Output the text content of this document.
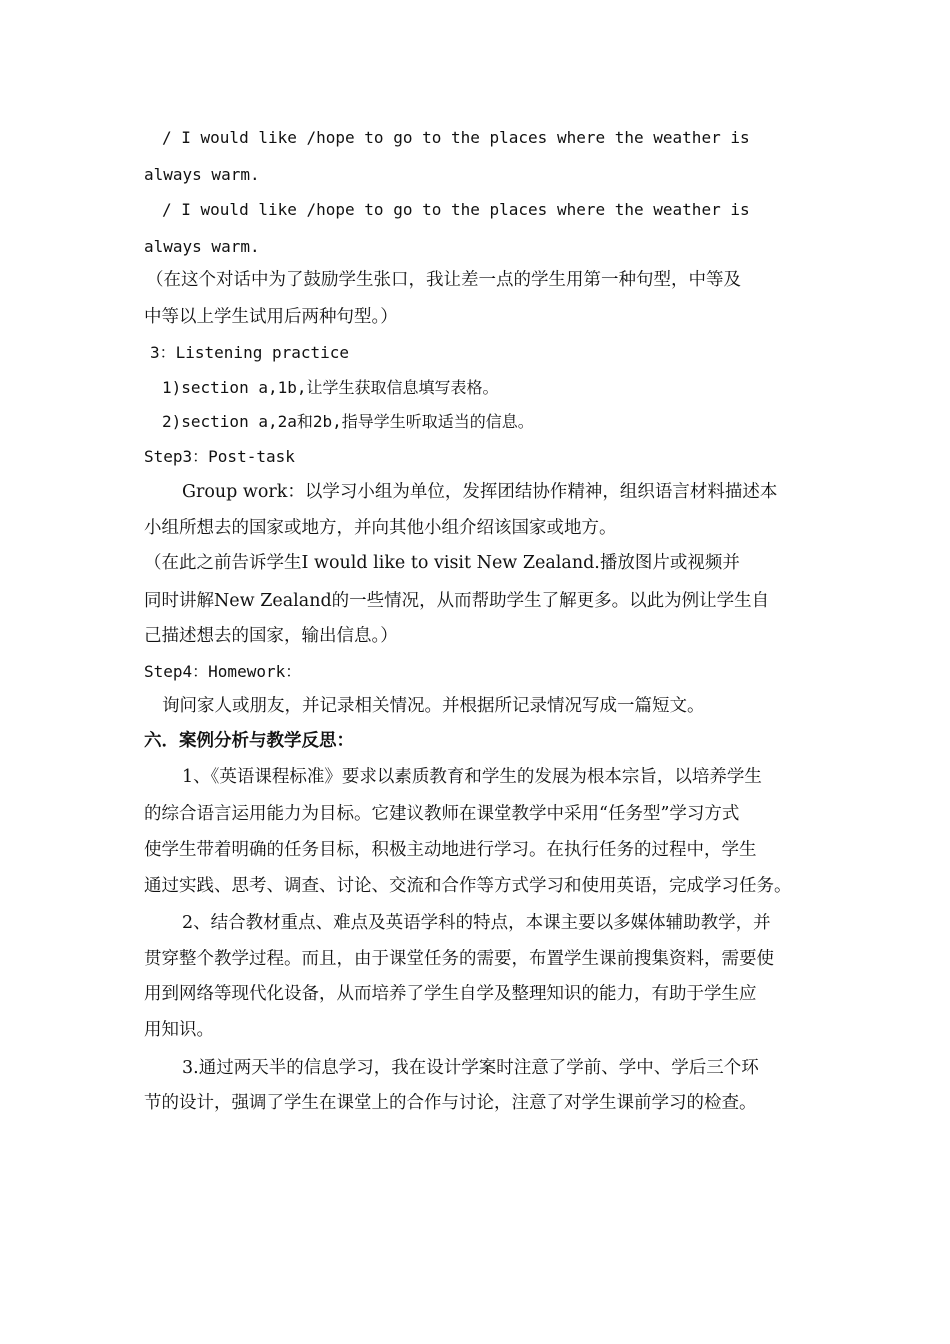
/ I would like /hope to go to the places where the weather is
always warm.
/ I would like /hope to go to the places where the weather is
always warm.
（在这个对话中为了鼓励学生张口，我让差一点的学生用第一种句型，中等及
中等以上学生试用后两种句型。）
3：Listening practice
1)section a,1b,让学生获取信息填写表格。
2)section a,2a和2b,指导学生听取适当的信息。
Step3：Post-task
Group work：以学习小组为单位，发挥团结协作精神，组织语言材料描述本
小组所想去的国家或地方，并向其他小组介绍该国家或地方。
（在此之前告诉学生I would like to visit New Zealand.播放图片或视频并
同时讲解New Zealand的一些情况，从而帮助学生了解更多。以此为例让学生自
己描述想去的国家，输出信息。）
Step4：Homework：
询问家人或朋友，并记录相关情况。并根据所记录情况写成一篇短文。
六．案例分析与教学反思：
1、《英语课程标准》要求以素质教育和学生的发展为根本宗旨，以培养学生
的综合语言运用能力为目标。它建议教师在课堂教学中采用“任务型”学习方式
使学生带着明确的任务目标，积极主动地进行学习。在执行任务的过程中，学生
通过实践、思考、调查、讨论、交流和合作等方式学习和使用英语，完成学习任务。
2、结合教材重点、难点及英语学科的特点，本课主要以多媒体辅助教学，并
贯穿整个教学过程。而且，由于课堂任务的需要，布置学生课前搜集资料，需要使
用到网络等现代化设备，从而培养了学生自学及整理知识的能力，有助于学生应
用知识。
3.通过两天半的信息学习，我在设计学案时注意了学前、学中、学后三个环
节的设计，强调了学生在课堂上的合作与讨论，注意了对学生课前学习的检查。
